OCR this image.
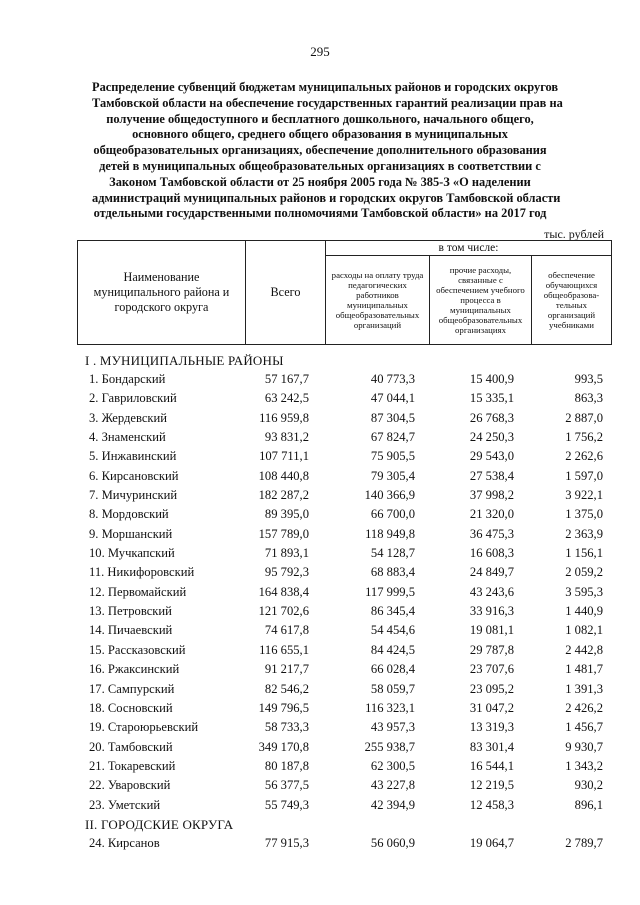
295
Распределение субвенций бюджетам муниципальных районов и городских округов
Тамбовской области на обеспечение государственных гарантий реализации прав на
получение общедоступного и бесплатного дошкольного, начального общего,
основного общего, среднего общего образования в муниципальных
общеобразовательных организациях, обеспечение дополнительного образования
детей в муниципальных общеобразовательных организациях в соответствии с
Законом Тамбовской области от 25 ноября 2005 года № 385-З «О наделении
администраций муниципальных районов и городских округов Тамбовской области
отдельными государственными полномочиями Тамбовской области» на 2017 год
тыс. рублей
Наименование муниципального района и городского округа	Всего	в том числе:		
		расходы на оплату труда педагогических работников муниципальных общеобразовательных организаций	прочие расходы, связанные с обеспечением учебного процесса в муниципальных общеобразовательных организациях	обеспечение обучающихся общеобразова-тельных организаций учебниками
I . МУНИЦИПАЛЬНЫЕ РАЙОНЫ
1. Бондарский	57 167,7	40 773,3	15 400,9	993,5
2. Гавриловский	63 242,5	47 044,1	15 335,1	863,3
3. Жердевский	116 959,8	87 304,5	26 768,3	2 887,0
4. Знаменский	93 831,2	67 824,7	24 250,3	1 756,2
5. Инжавинский	107 711,1	75 905,5	29 543,0	2 262,6
6. Кирсановский	108 440,8	79 305,4	27 538,4	1 597,0
7. Мичуринский	182 287,2	140 366,9	37 998,2	3 922,1
8. Мордовский	89 395,0	66 700,0	21 320,0	1 375,0
9. Моршанский	157 789,0	118 949,8	36 475,3	2 363,9
10. Мучкапский	71 893,1	54 128,7	16 608,3	1 156,1
11. Никифоровский	95 792,3	68 883,4	24 849,7	2 059,2
12. Первомайский	164 838,4	117 999,5	43 243,6	3 595,3
13. Петровский	121 702,6	86 345,4	33 916,3	1 440,9
14. Пичаевский	74 617,8	54 454,6	19 081,1	1 082,1
15. Рассказовский	116 655,1	84 424,5	29 787,8	2 442,8
16. Ржаксинский	91 217,7	66 028,4	23 707,6	1 481,7
17. Сампурский	82 546,2	58 059,7	23 095,2	1 391,3
18. Сосновский	149 796,5	116 323,1	31 047,2	2 426,2
19. Староюрьевский	58 733,3	43 957,3	13 319,3	1 456,7
20. Тамбовский	349 170,8	255 938,7	83 301,4	9 930,7
21. Токаревский	80 187,8	62 300,5	16 544,1	1 343,2
22. Уваровский	56 377,5	43 227,8	12 219,5	930,2
23. Уметский	55 749,3	42 394,9	12 458,3	896,1
II. ГОРОДСКИЕ ОКРУГА
24. Кирсанов	77 915,3	56 060,9	19 064,7	2 789,7
